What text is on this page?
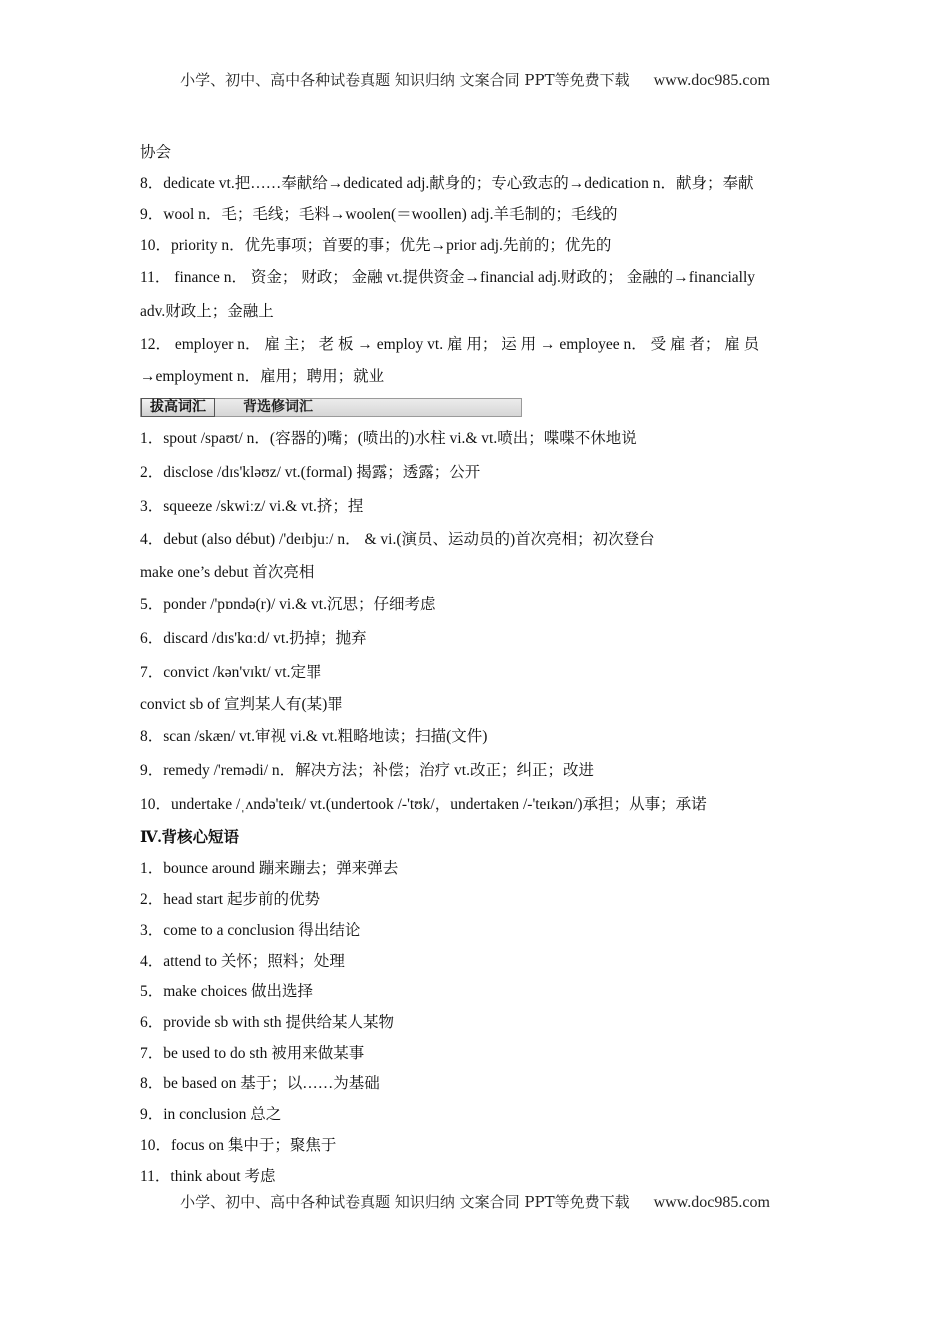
小学、初中、高中各种试卷真题 知识归纳 文案合同 PPT等免费下载 www.doc985.com
协会
8．dedicate vt.把……奉献给→dedicated adj.献身的；专心致志的→dedication n．献身；奉献
9．wool n．毛；毛线；毛料→woolen(＝woollen) adj.羊毛制的；毛线的
10．priority n．优先事项；首要的事；优先→prior adj.先前的；优先的
11． finance n． 资金； 财政； 金融 vt.提供资金→financial adj.财政的； 金融的→financially
adv.财政上；金融上
12． employer n． 雇 主； 老 板 → employ vt. 雇 用； 运 用 → employee n． 受 雇 者； 雇 员
→employment n．雇用；聘用；就业
拔高词汇	背选修词汇
1．spout /spaʊt/ n．(容器的)嘴；(喷出的)水柱 vi.& vt.喷出；喋喋不休地说
2．disclose /dɪs'kləʊz/ vt.(formal) 揭露；透露；公开
3．squeeze /skwiːz/ vi.& vt.挤；捏
4．debut (also début) /'deɪbjuː/ n． & vi.(演员、运动员的)首次亮相；初次登台
make one’s debut 首次亮相
5．ponder /'pɒndə(r)/ vi.& vt.沉思；仔细考虑
6．discard /dɪs'kɑːd/ vt.扔掉；抛弃
7．convict /kən'vɪkt/ vt.定罪
convict sb of 宣判某人有(某)罪
8．scan /skæn/ vt.审视 vi.& vt.粗略地读；扫描(文件)
9．remedy /'remədi/ n．解决方法；补偿；治疗 vt.改正；纠正；改进
10．undertake /ˌʌndə'teɪk/ vt.(undertook /-'tʊk/，undertaken /-'teɪkən/)承担；从事；承诺
Ⅳ.背核心短语
1．bounce around 蹦来蹦去；弹来弹去
2．head start 起步前的优势
3．come to a conclusion 得出结论
4．attend to 关怀；照料；处理
5．make choices 做出选择
6．provide sb with sth 提供给某人某物
7．be used to do sth 被用来做某事
8．be based on 基于；以……为基础
9．in conclusion 总之
10．focus on 集中于；聚焦于
11．think about 考虑
小学、初中、高中各种试卷真题 知识归纳 文案合同 PPT等免费下载 www.doc985.com
